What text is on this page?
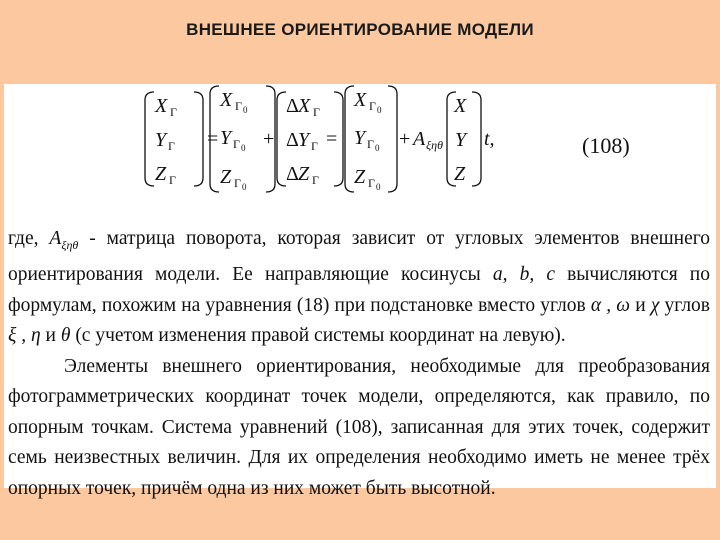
ВНЕШНЕЕ ОРИЕНТИРОВАНИЕ МОДЕЛИ
X Г
Y Г
Z Г
=
X Г 0
Y Г 0
Z Г 0
+
Δ X Г
Δ Y Г
Δ Z Г
=
X Г 0
Y Г 0
Z Г 0
+ A ξηθ
X
Y
Z
t,	(108)

где, $A_{\xi\eta\theta}$ - матрица поворота, которая зависит от угловых элементов внешнего ориентирования модели. Ее направляющие косинусы a, b, c вычисляются по формулам, похожим на уравнения (18) при подстановке вместо углов α , ω и χ углов ξ , η и θ (с учетом изменения правой системы координат на левую).

Элементы внешнего ориентирования, необходимые для преобразования фотограмметрических координат точек модели, определяются, как правило, по опорным точкам. Система уравнений (108), записанная для этих точек, содержит семь неизвестных величин. Для их определения необходимо иметь не менее трёх опорных точек, причём одна из них может быть высотной.
